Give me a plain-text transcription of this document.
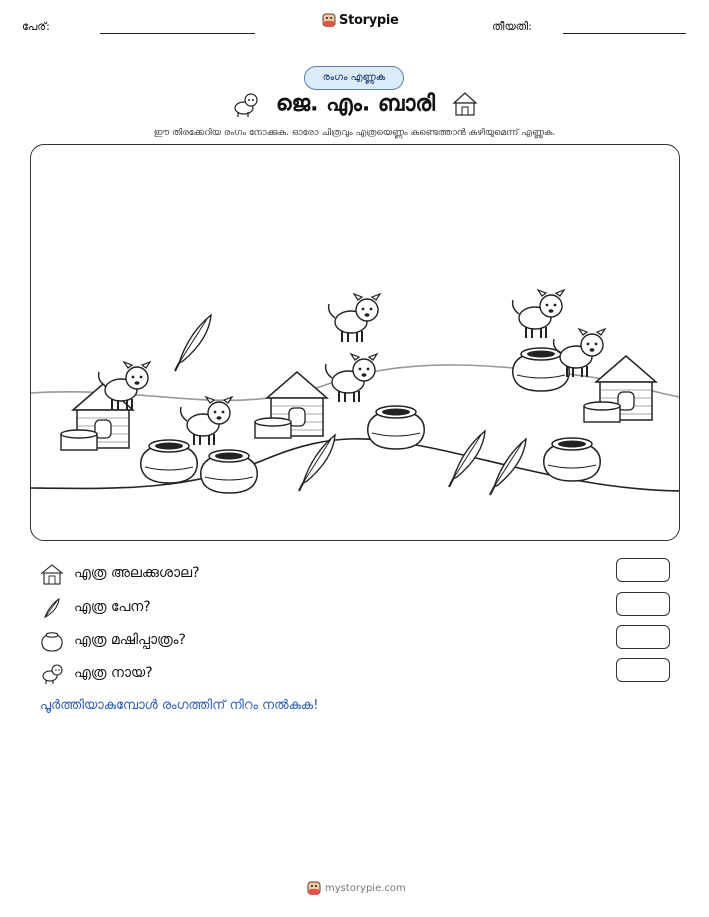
പേര്:	Storypie	തീയതി:
രംഗം എണ്ണുക
ജെ. എം. ബാരി
ഈ തിരക്കേറിയ രംഗം നോക്കുക. ഓരോ ചിത്രവും എത്രയെണ്ണം കണ്ടെത്താൻ കഴിയുമെന്ന് എണ്ണുക.
എത്ര അലക്കുശാല?
എത്ര പേന?
എത്ര മഷിപ്പാത്രം?
എത്ര നായ?
പൂർത്തിയാകുമ്പോൾ രംഗത്തിന് നിറം നൽകുക!
mystorypie.com
